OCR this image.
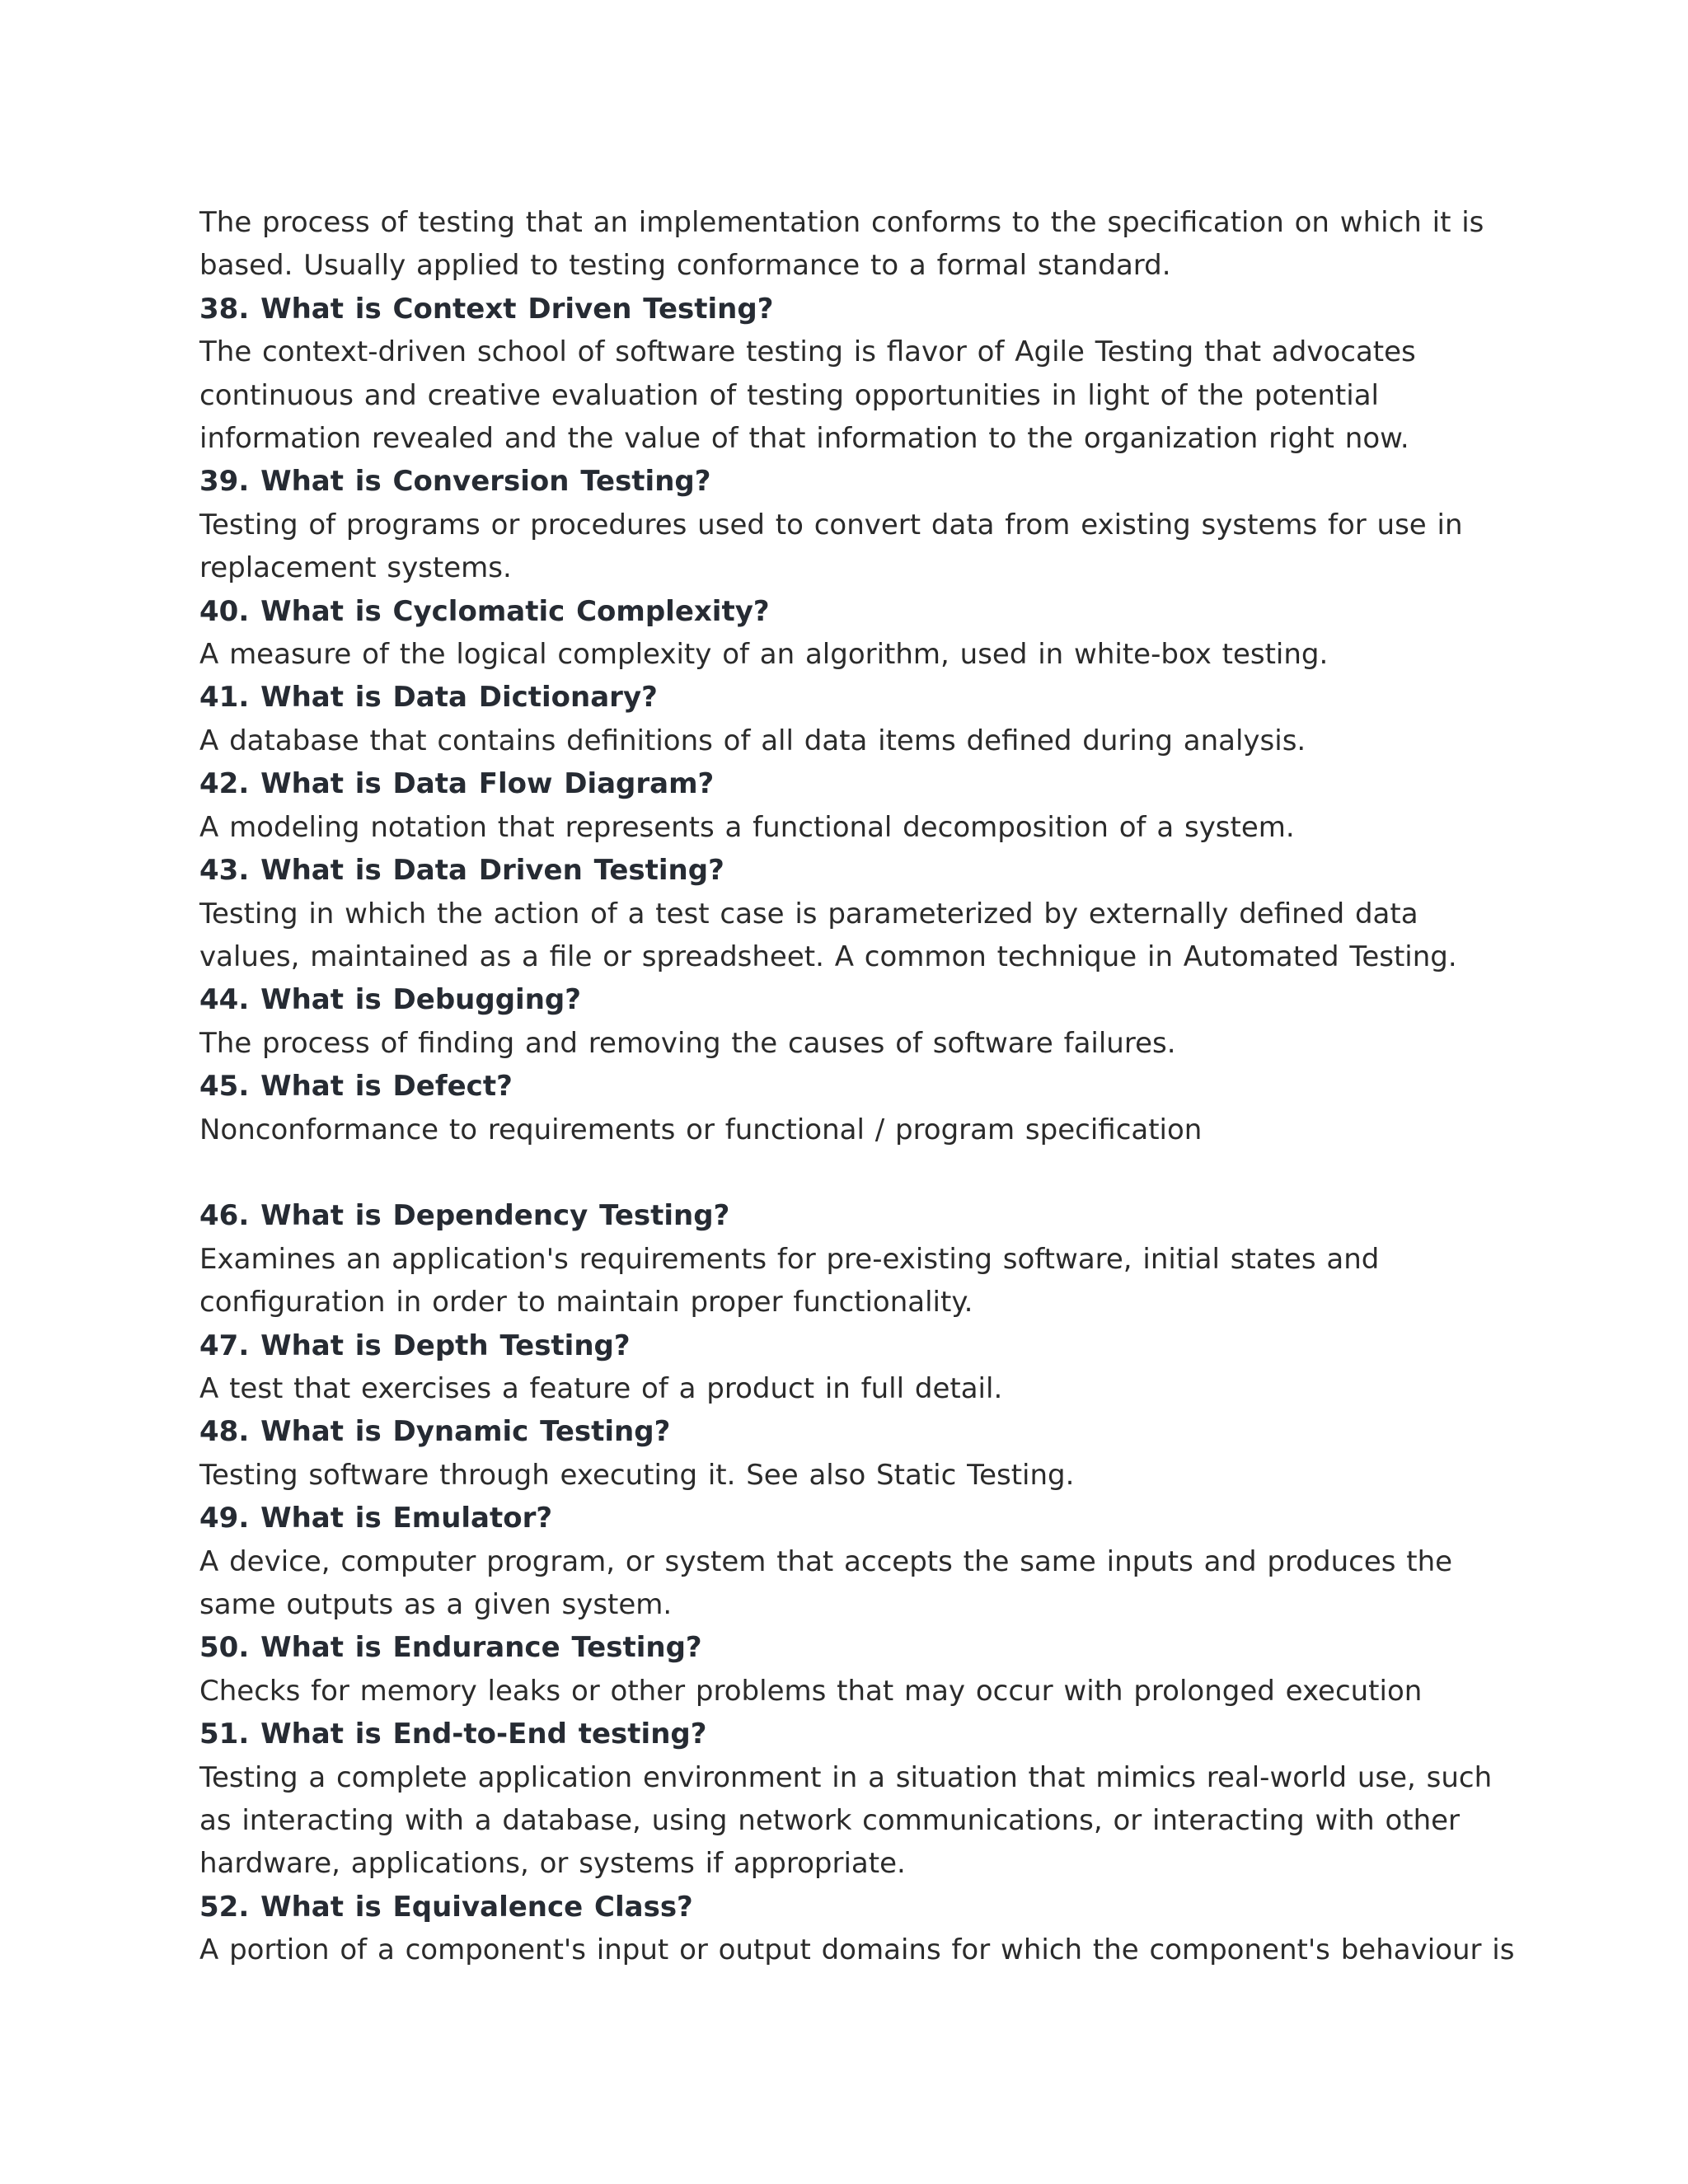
The process of testing that an implementation conforms to the specification on which it is

based. Usually applied to testing conformance to a formal standard.

38. What is Context Driven Testing?

The context-driven school of software testing is flavor of Agile Testing that advocates

continuous and creative evaluation of testing opportunities in light of the potential

information revealed and the value of that information to the organization right now.

39. What is Conversion Testing?

Testing of programs or procedures used to convert data from existing systems for use in

replacement systems.

40. What is Cyclomatic Complexity?

A measure of the logical complexity of an algorithm, used in white-box testing.

41. What is Data Dictionary?

A database that contains definitions of all data items defined during analysis.

42. What is Data Flow Diagram?

A modeling notation that represents a functional decomposition of a system.

43. What is Data Driven Testing?

Testing in which the action of a test case is parameterized by externally defined data

values, maintained as a file or spreadsheet. A common technique in Automated Testing.

44. What is Debugging?

The process of finding and removing the causes of software failures.

45. What is Defect?

Nonconformance to requirements or functional / program specification

46. What is Dependency Testing?

Examines an application's requirements for pre-existing software, initial states and

configuration in order to maintain proper functionality.

47. What is Depth Testing?

A test that exercises a feature of a product in full detail.

48. What is Dynamic Testing?

Testing software through executing it. See also Static Testing.

49. What is Emulator?

A device, computer program, or system that accepts the same inputs and produces the

same outputs as a given system.

50. What is Endurance Testing?

Checks for memory leaks or other problems that may occur with prolonged execution

51. What is End-to-End testing?

Testing a complete application environment in a situation that mimics real-world use, such

as interacting with a database, using network communications, or interacting with other

hardware, applications, or systems if appropriate.

52. What is Equivalence Class?

A portion of a component's input or output domains for which the component's behaviour is
